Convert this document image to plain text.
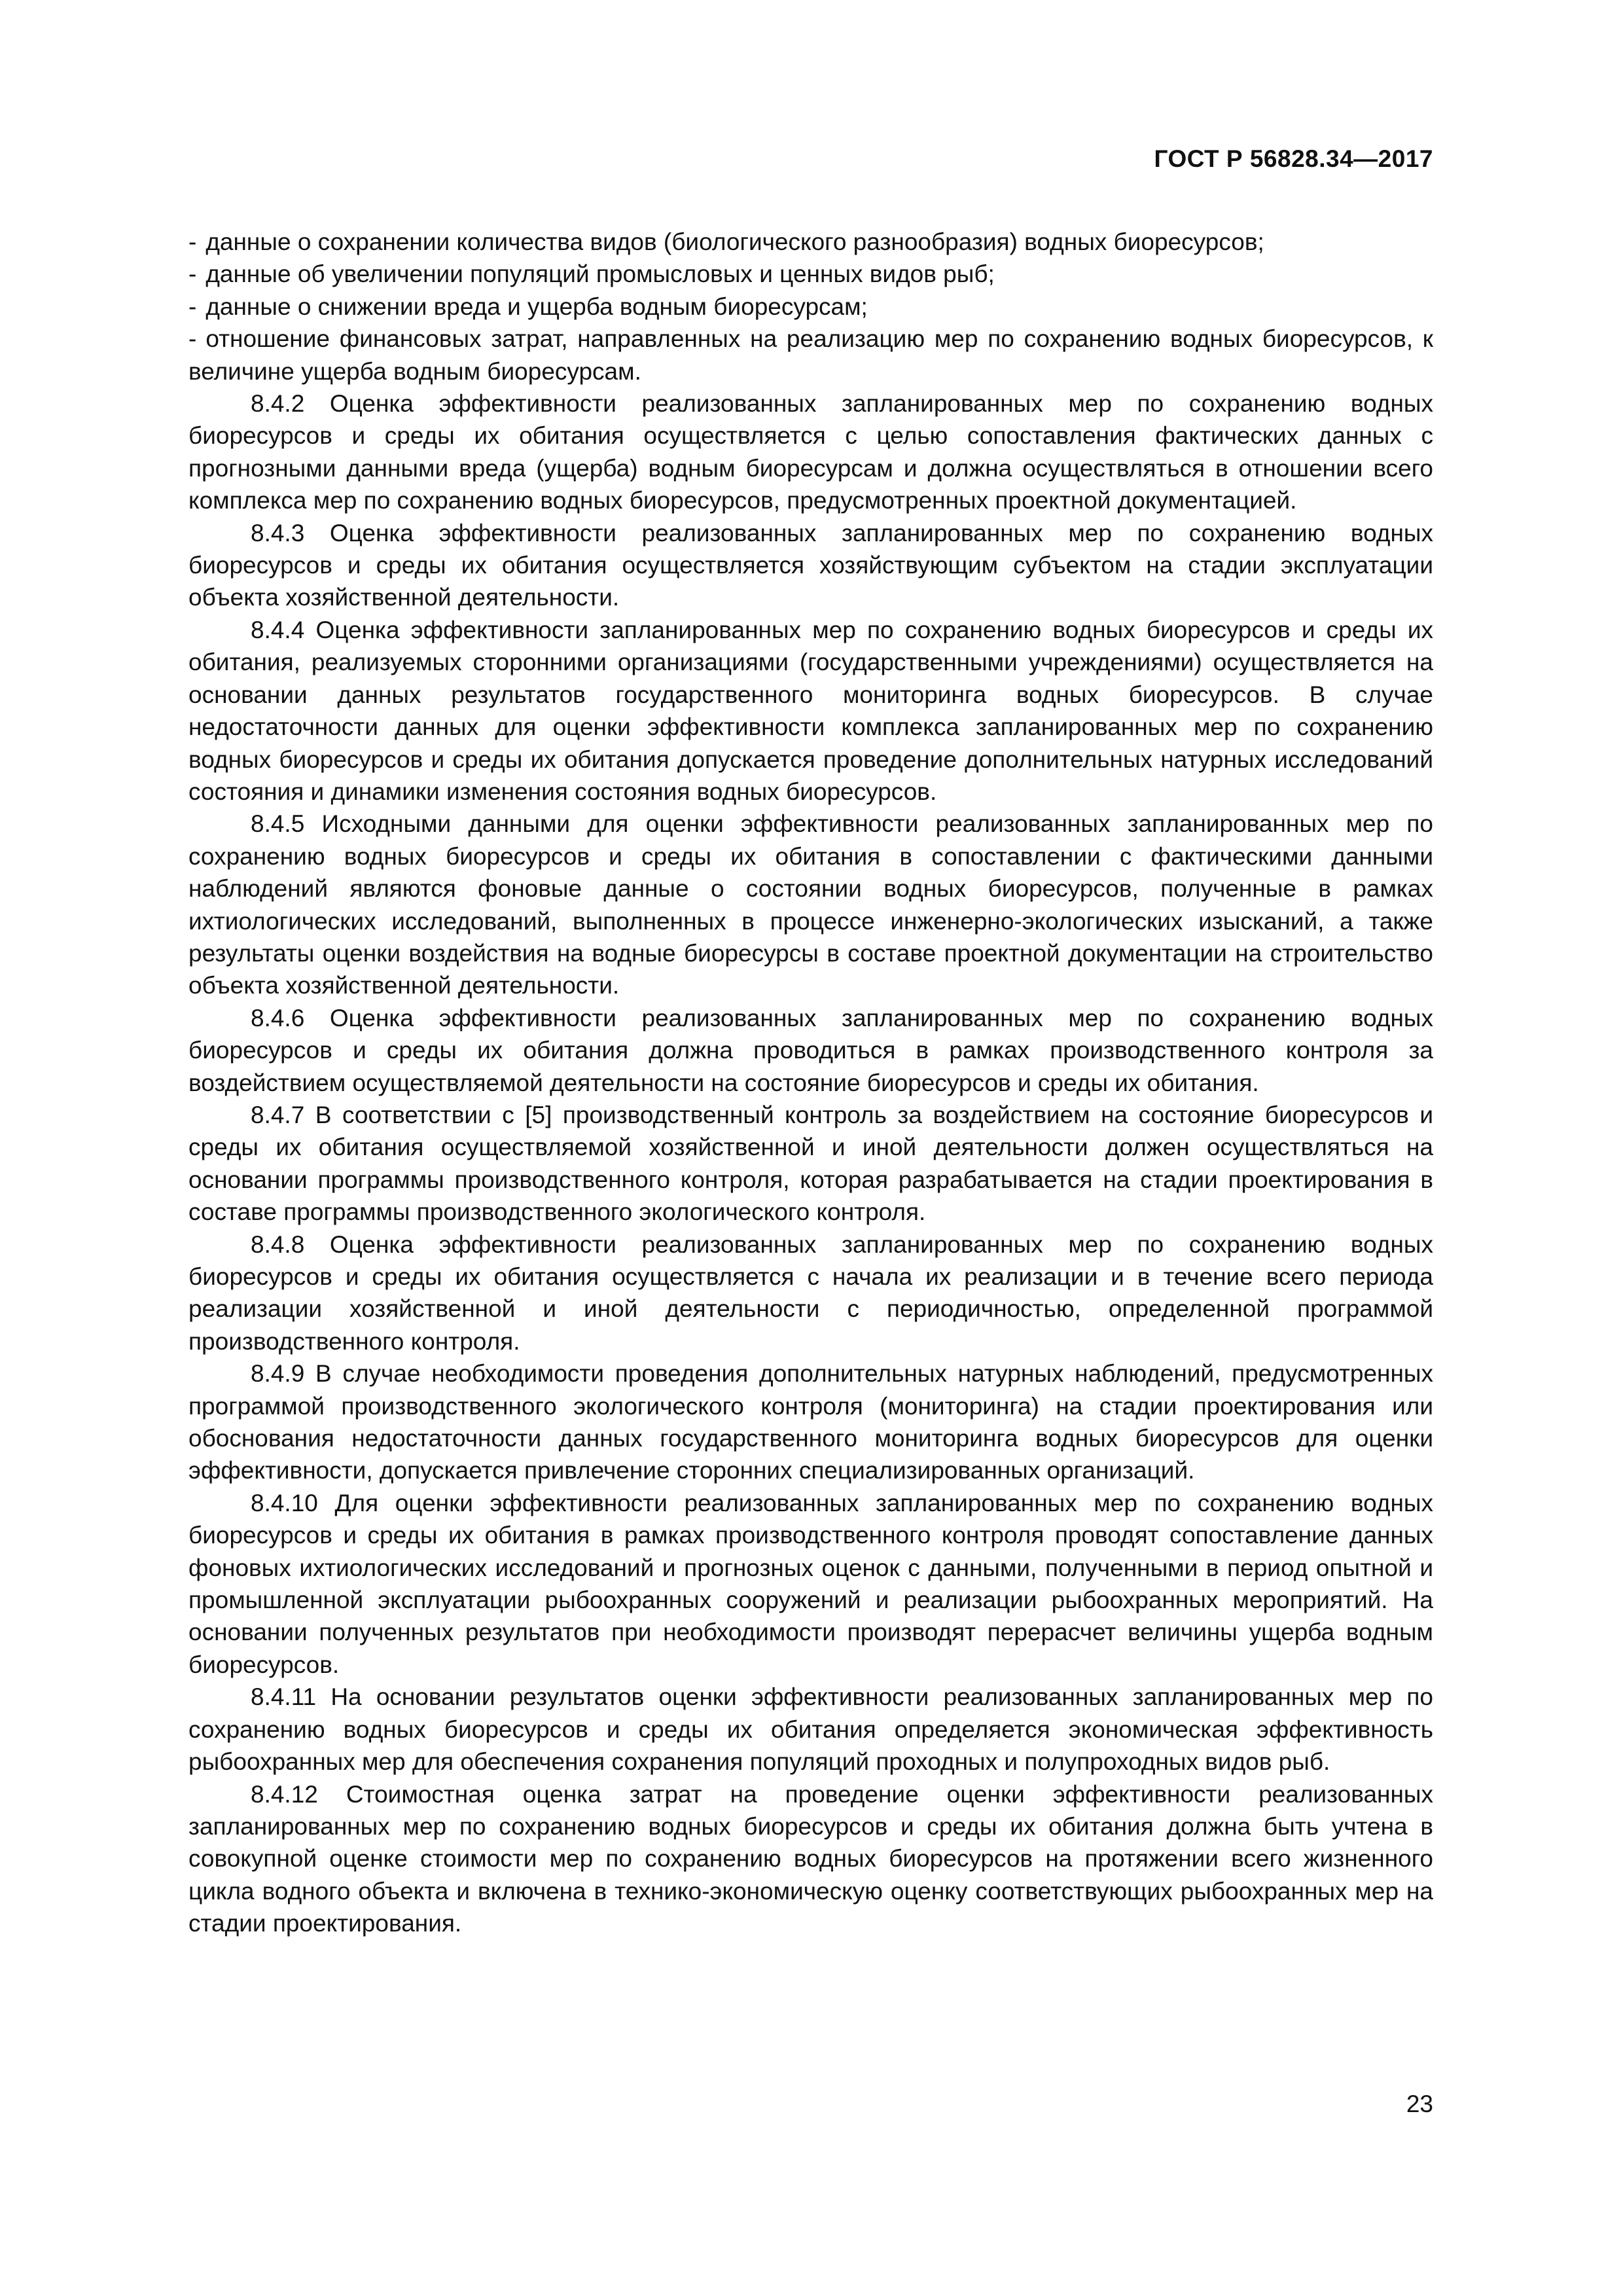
ГОСТ Р 56828.34—2017
- данные о сохранении количества видов (биологического разнообразия) водных биоресурсов;
- данные об увеличении популяций промысловых и ценных видов рыб;
- данные о снижении вреда и ущерба водным биоресурсам;
- отношение финансовых затрат, направленных на реализацию мер по сохранению водных биоресурсов, к величине ущерба водным биоресурсам.

8.4.2 Оценка эффективности реализованных запланированных мер по сохранению водных биоресурсов и среды их обитания осуществляется с целью сопоставления фактических данных с прогнозными данными вреда (ущерба) водным биоресурсам и должна осуществляться в отношении всего комплекса мер по сохранению водных биоресурсов, предусмотренных проектной документацией.

8.4.3 Оценка эффективности реализованных запланированных мер по сохранению водных биоресурсов и среды их обитания осуществляется хозяйствующим субъектом на стадии эксплуатации объекта хозяйственной деятельности.

8.4.4 Оценка эффективности запланированных мер по сохранению водных биоресурсов и среды их обитания, реализуемых сторонними организациями (государственными учреждениями) осуществляется на основании данных результатов государственного мониторинга водных биоресурсов. В случае недостаточности данных для оценки эффективности комплекса запланированных мер по сохранению водных биоресурсов и среды их обитания допускается проведение дополнительных натурных исследований состояния и динамики изменения состояния водных биоресурсов.

8.4.5 Исходными данными для оценки эффективности реализованных запланированных мер по сохранению водных биоресурсов и среды их обитания в сопоставлении с фактическими данными наблюдений являются фоновые данные о состоянии водных биоресурсов, полученные в рамках ихтиологических исследований, выполненных в процессе инженерно-экологических изысканий, а также результаты оценки воздействия на водные биоресурсы в составе проектной документации на строительство объекта хозяйственной деятельности.

8.4.6 Оценка эффективности реализованных запланированных мер по сохранению водных биоресурсов и среды их обитания должна проводиться в рамках производственного контроля за воздействием осуществляемой деятельности на состояние биоресурсов и среды их обитания.

8.4.7 В соответствии с [5] производственный контроль за воздействием на состояние биоресурсов и среды их обитания осуществляемой хозяйственной и иной деятельности должен осуществляться на основании программы производственного контроля, которая разрабатывается на стадии проектирования в составе программы производственного экологического контроля.

8.4.8 Оценка эффективности реализованных запланированных мер по сохранению водных биоресурсов и среды их обитания осуществляется с начала их реализации и в течение всего периода реализации хозяйственной и иной деятельности с периодичностью, определенной программой производственного контроля.

8.4.9 В случае необходимости проведения дополнительных натурных наблюдений, предусмотренных программой производственного экологического контроля (мониторинга) на стадии проектирования или обоснования недостаточности данных государственного мониторинга водных биоресурсов для оценки эффективности, допускается привлечение сторонних специализированных организаций.

8.4.10 Для оценки эффективности реализованных запланированных мер по сохранению водных биоресурсов и среды их обитания в рамках производственного контроля проводят сопоставление данных фоновых ихтиологических исследований и прогнозных оценок с данными, полученными в период опытной и промышленной эксплуатации рыбоохранных сооружений и реализации рыбоохранных мероприятий. На основании полученных результатов при необходимости производят перерасчет величины ущерба водным биоресурсов.

8.4.11 На основании результатов оценки эффективности реализованных запланированных мер по сохранению водных биоресурсов и среды их обитания определяется экономическая эффективность рыбоохранных мер для обеспечения сохранения популяций проходных и полупроходных видов рыб.

8.4.12 Стоимостная оценка затрат на проведение оценки эффективности реализованных запланированных мер по сохранению водных биоресурсов и среды их обитания должна быть учтена в совокупной оценке стоимости мер по сохранению водных биоресурсов на протяжении всего жизненного цикла водного объекта и включена в технико-экономическую оценку соответствующих рыбоохранных мер на стадии проектирования.

23
